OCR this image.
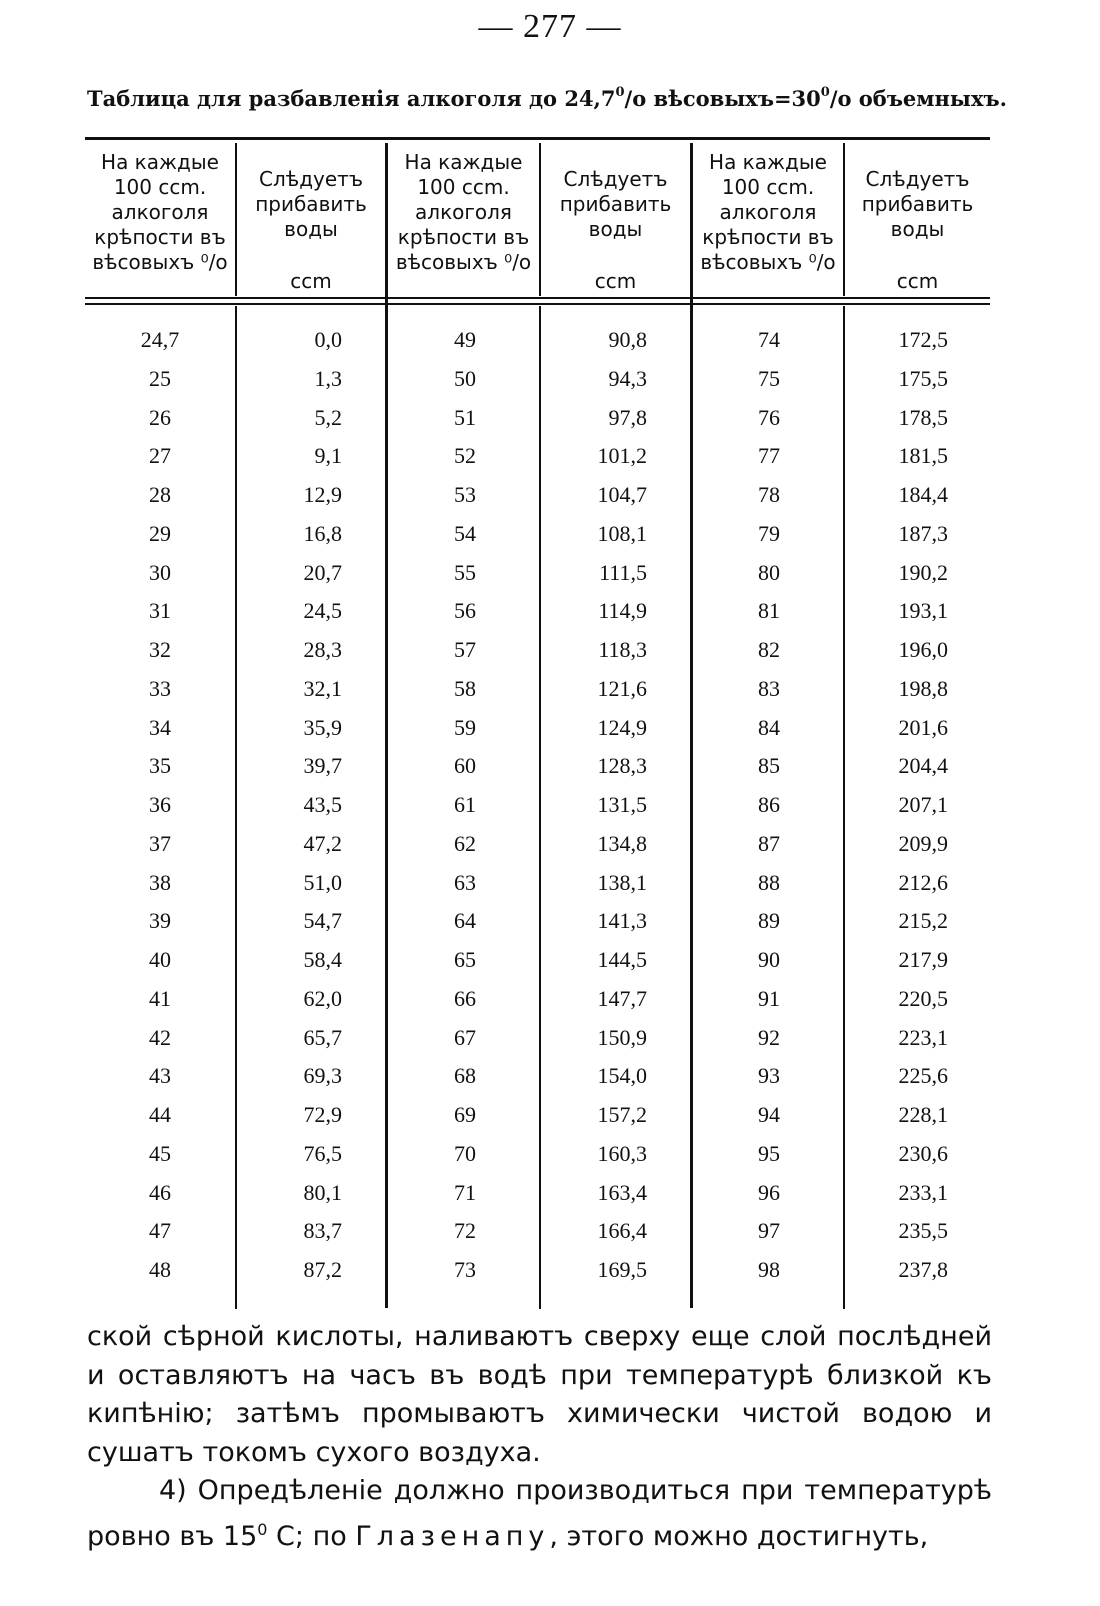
— 277 —
Таблица для разбавленія алкоголя до 24,7$^0$/о $вѣсовыхъ=30^0/о$ объемныхъ.
На каждые
100 ccm.
алкоголя
крѣпости въ
вѣсовыхъ ⁰/о
Слѣдуетъ
прибавить
воды
ccm
На каждые
100 ccm.
алкоголя
крѣпости въ
вѣсовыхъ ⁰/о
Слѣдуетъ
прибавить
воды
ccm
На каждые
100 ccm.
алкоголя
крѣпости въ
вѣсовыхъ ⁰/о
Слѣдуетъ
прибавить
воды
ccm
24,7
25
26
27
28
29
30
31
32
33
34
35
36
37
38
39
40
41
42
43
44
45
46
47
48
0,0
1,3
5,2
9,1
12,9
16,8
20,7
24,5
28,3
32,1
35,9
39,7
43,5
47,2
51,0
54,7
58,4
62,0
65,7
69,3
72,9
76,5
80,1
83,7
87,2
49
50
51
52
53
54
55
56
57
58
59
60
61
62
63
64
65
66
67
68
69
70
71
72
73
90,8
94,3
97,8
101,2
104,7
108,1
111,5
114,9
118,3
121,6
124,9
128,3
131,5
134,8
138,1
141,3
144,5
147,7
150,9
154,0
157,2
160,3
163,4
166,4
169,5
74
75
76
77
78
79
80
81
82
83
84
85
86
87
88
89
90
91
92
93
94
95
96
97
98
172,5
175,5
178,5
181,5
184,4
187,3
190,2
193,1
196,0
198,8
201,6
204,4
207,1
209,9
212,6
215,2
217,9
220,5
223,1
225,6
228,1
230,6
233,1
235,5
237,8

ской сѣрной кислоты, наливаютъ сверху еще слой послѣдней и оставляютъ на часъ въ водѣ при температурѣ близкой къ кипѣнію; затѣмъ промываютъ химически чистой водою и сушатъ токомъ сухого воздуха.

4) Опредѣленіе должно производиться при температурѣ ровно въ $15^0$ C; по Глазенапу, этого можно достигнуть,
